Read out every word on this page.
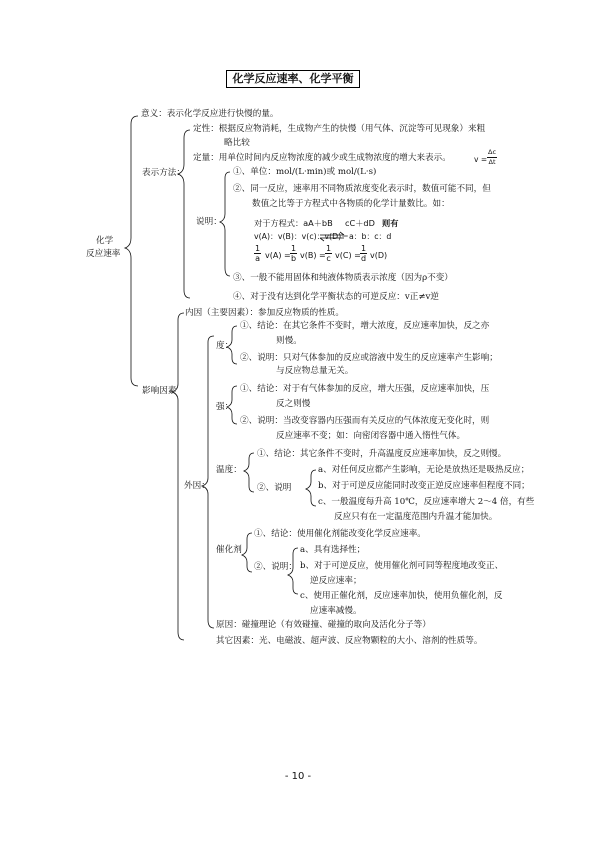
化学反应速率、化学平衡
化学
反应速率
意义：表示化学反应进行快慢的量。
表示方法：
定性：根据反应物消耗，生成物产生的快慢（用气体、沉淀等可见现象）来粗
略比较
定量：用单位时间内反应物浓度的减少或生成物浓度的增大来表示。	$v = \frac{\Delta c}{\Delta t}$
说明：
①、单位：mol/(L·min)或 mol/(L·s)
②、同一反应，速率用不同物质浓度变化表示时，数值可能不同，但
数值之比等于方程式中各物质的化学计量数比。如：
对于方程式：aA＋bB cC＋dD 则有
v(A)：v(B)：v(c)：v(D)＝a：b：c：d
$\frac{1}{a} v(A) = \frac{1}{b} v(B) = \frac{1}{c} v(C) = \frac{1}{d} v(D)$
③、一般不能用固体和纯液体物质表示浓度（因为ρ不变）
④、对于没有达到化学平衡状态的可逆反应：v正≠v逆
影响因素
内因（主要因素）：参加反应物质的性质。
外因：
度：
①、结论：在其它条件不变时，增大浓度，反应速率加快，反之亦
则慢。
②、说明：只对气体参加的反应或溶液中发生的反应速率产生影响；
与反应物总量无关。
强：
①、结论：对于有气体参加的反应，增大压强，反应速率加快，压
反之则慢
②、说明：当改变容器内压强而有关反应的气体浓度无变化时，则
反应速率不变；如：向密闭容器中通入惰性气体。
温度：
①、结论：其它条件不变时，升高温度反应速率加快，反之则慢。
②、说明
a、对任何反应都产生影响，无论是放热还是吸热反应；
b、对于可逆反应能同时改变正逆反应速率但程度不同；
c、一般温度每升高 10℃，反应速率增大 2～4 倍，有些
反应只有在一定温度范围内升温才能加快。
催化剂
①、结论：使用催化剂能改变化学反应速率。
②、说明：
a、具有选择性；
b、对于可逆反应，使用催化剂可同等程度地改变正、
逆反应速率；
c、使用正催化剂，反应速率加快，使用负催化剂，反
应速率减慢。
原因：碰撞理论（有效碰撞、碰撞的取向及活化分子等）
其它因素：光、电磁波、超声波、反应物颗粒的大小、溶剂的性质等。
- 10 -
